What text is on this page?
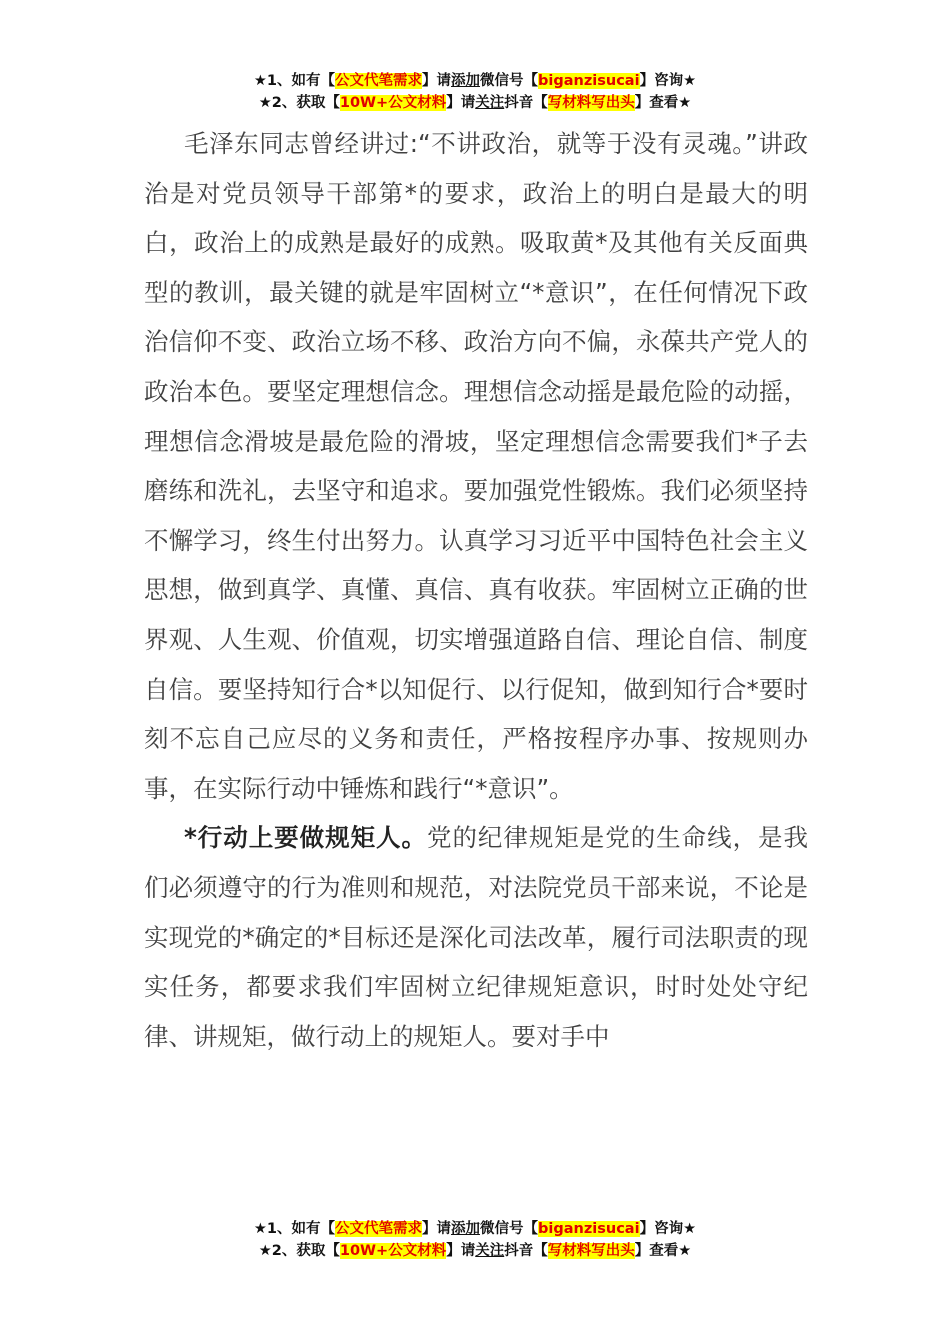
★1、如有【公文代笔需求】请添加微信号【biganzisucai】咨询★
★2、获取【10W+公文材料】请关注抖音【写材料写出头】查看★

毛泽东同志曾经讲过:“不讲政治，就等于没有灵魂。”讲政治是对党员领导干部第*的要求，政治上的明白是最大的明白，政治上的成熟是最好的成熟。吸取黄*及其他有关反面典型的教训，最关键的就是牢固树立“*意识”，在任何情况下政治信仰不变、政治立场不移、政治方向不偏，永葆共产党人的政治本色。要坚定理想信念。理想信念动摇是最危险的动摇，理想信念滑坡是最危险的滑坡，坚定理想信念需要我们*子去磨练和洗礼，去坚守和追求。要加强党性锻炼。我们必须坚持不懈学习，终生付出努力。认真学习习近平中国特色社会主义思想，做到真学、真懂、真信、真有收获。牢固树立正确的世界观、人生观、价值观，切实增强道路自信、理论自信、制度自信。要坚持知行合*以知促行、以行促知，做到知行合*要时刻不忘自己应尽的义务和责任，严格按程序办事、按规则办事，在实际行动中锤炼和践行“*意识”。

*行动上要做规矩人。党的纪律规矩是党的生命线，是我们必须遵守的行为准则和规范，对法院党员干部来说，不论是实现党的*确定的*目标还是深化司法改革，履行司法职责的现实任务，都要求我们牢固树立纪律规矩意识，时时处处守纪律、讲规矩，做行动上的规矩人。要对手中

★1、如有【公文代笔需求】请添加微信号【biganzisucai】咨询★
★2、获取【10W+公文材料】请关注抖音【写材料写出头】查看★
